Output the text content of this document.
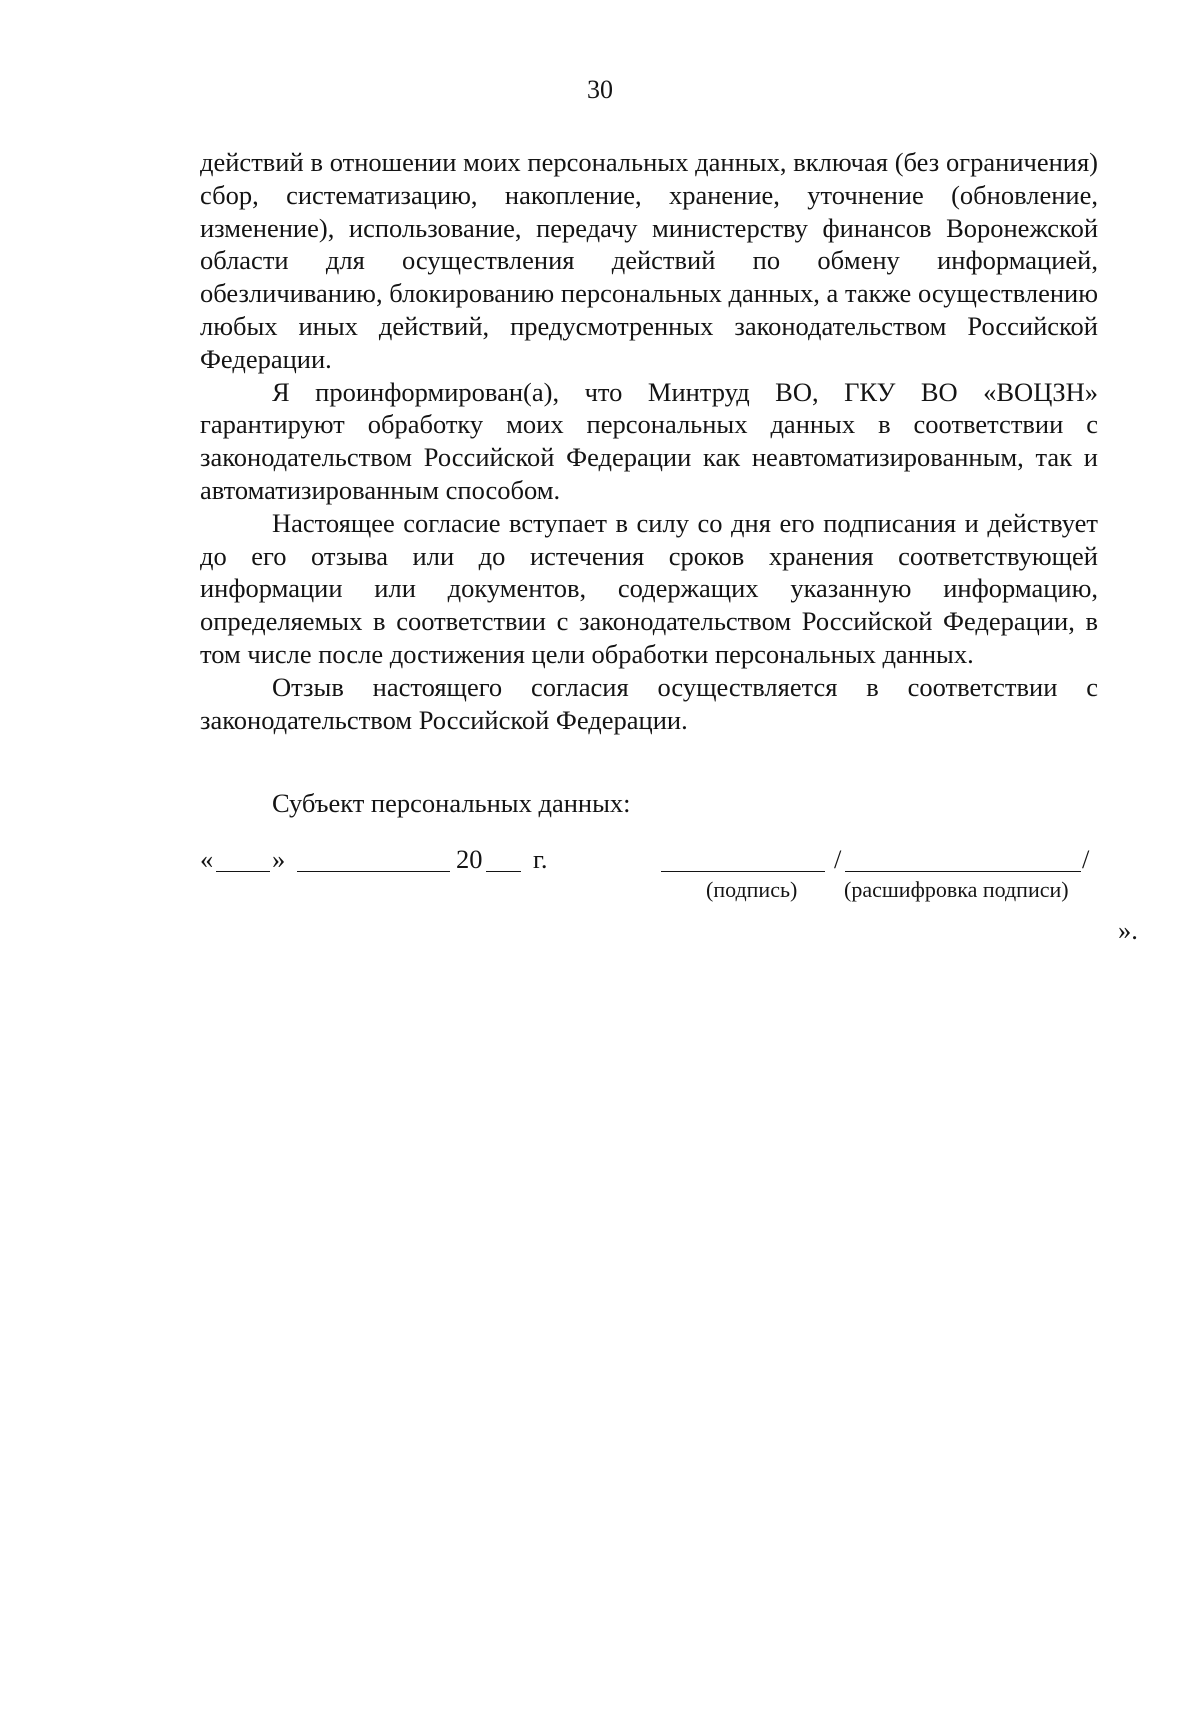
30

действий в отношении моих персональных данных, включая (без ограничения) сбор, систематизацию, накопление, хранение, уточнение (обновление, изменение), использование, передачу министерству финансов Воронежской области для осуществления действий по обмену информацией, обезличиванию, блокированию персональных данных, а также осуществлению любых иных действий, предусмотренных законодательством Российской Федерации.

Я проинформирован(а), что Минтруд ВО, ГКУ ВО «ВОЦЗН» гарантируют обработку моих персональных данных в соответствии с законодательством Российской Федерации как неавтоматизированным, так и автоматизированным способом.

Настоящее согласие вступает в силу со дня его подписания и действует до его отзыва или до истечения сроков хранения соответствующей информации или документов, содержащих указанную информацию, определяемых в соответствии с законодательством Российской Федерации, в том числе после достижения цели обработки персональных данных.

Отзыв настоящего согласия осуществляется в соответствии с законодательством Российской Федерации.

Субъект персональных данных:
« »	20 г.	/	/
(подпись) (расшифровка подписи)
».
